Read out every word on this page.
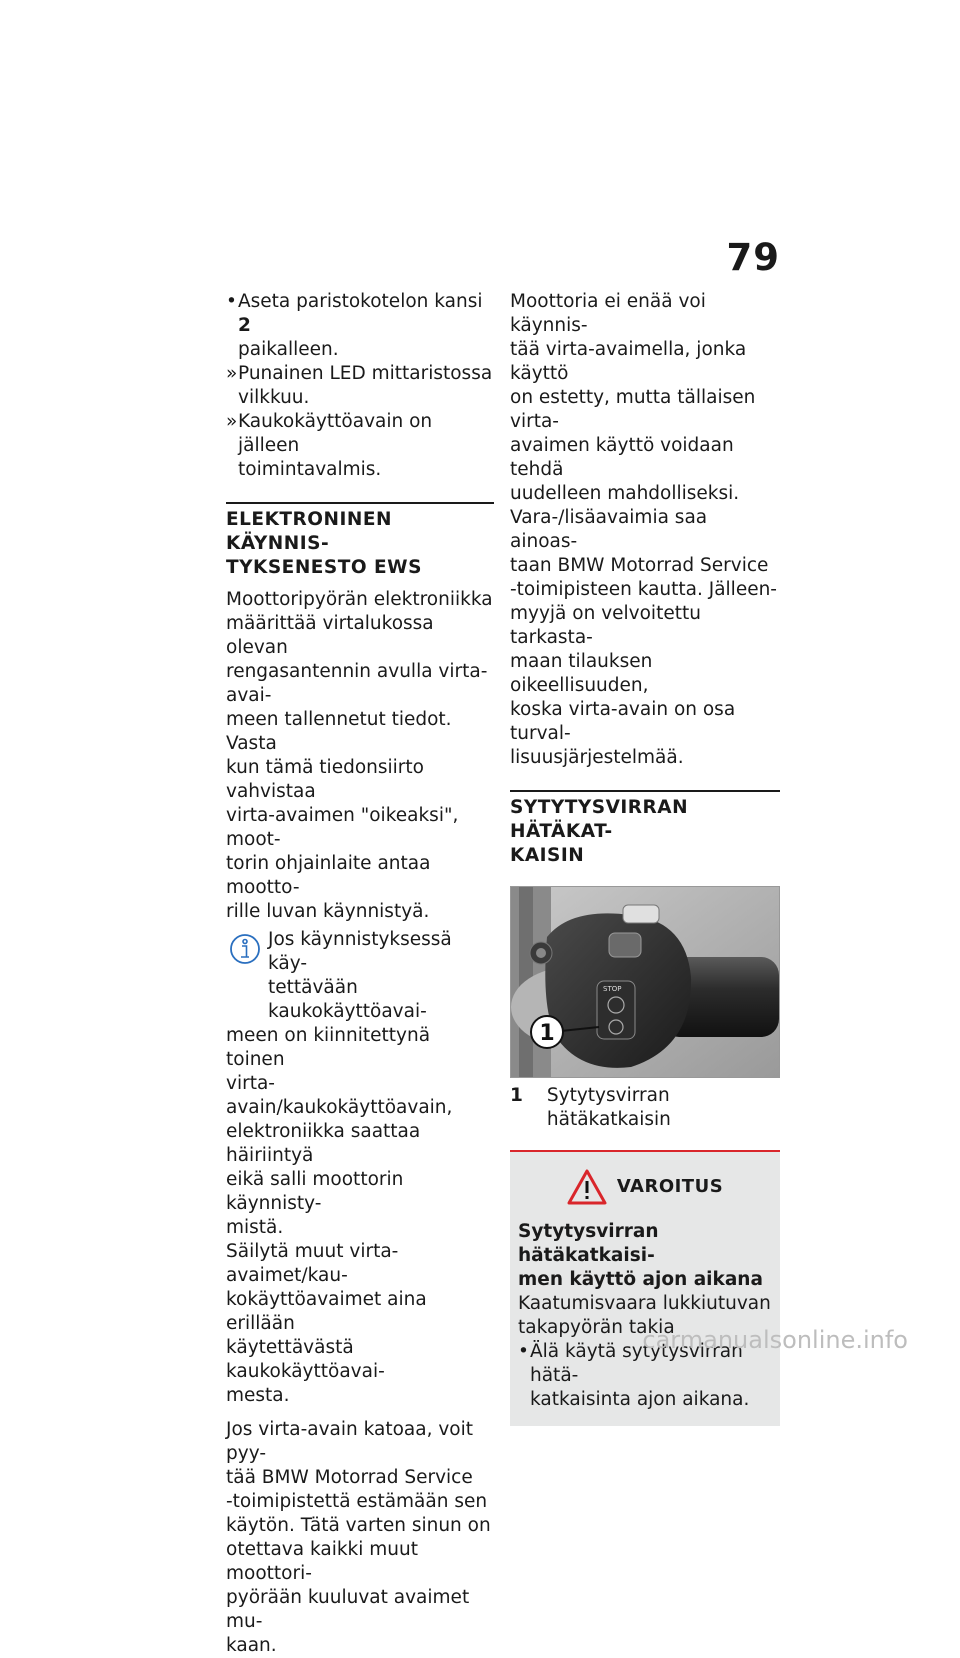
79
• Aseta paristokotelon kansi 2
paikalleen.
» Punainen LED mittaristossa
vilkkuu.
» Kaukokäyttöavain on jälleen
toimintavalmis.
ELEKTRONINEN KÄYNNIS-
TYKSENESTO EWS

Moottoripyörän elektroniikka
määrittää virtalukossa olevan
rengasantennin avulla virta-avai-
meen tallennetut tiedot. Vasta
kun tämä tiedonsiirto vahvistaa
virta-avaimen "oikeaksi", moot-
torin ohjainlaite antaa mootto-
rille luvan käynnistyä.

Jos käynnistyksessä käy-
tettävään kaukokäyttöavai-
meen on kiinnitettynä toinen
virta-avain/kaukokäyttöavain,
elektroniikka saattaa häiriintyä
eikä salli moottorin käynnisty-
mistä.

Säilytä muut virta-avaimet/kau-
kokäyttöavaimet aina erillään
käytettävästä kaukokäyttöavai-
mesta.

Jos virta-avain katoaa, voit pyy-
tää BMW Motorrad Service
-toimipistettä estämään sen
käytön. Tätä varten sinun on
otettava kaikki muut moottori-
pyörään kuuluvat avaimet mu-
kaan.

Moottoria ei enää voi käynnis-
tää virta-avaimella, jonka käyttö
on estetty, mutta tällaisen virta-
avaimen käyttö voidaan tehdä
uudelleen mahdolliseksi.

Vara-/lisäavaimia saa ainoas-
taan BMW Motorrad Service
-toimipisteen kautta. Jälleen-
myyjä on velvoitettu tarkasta-
maan tilauksen oikeellisuuden,
koska virta-avain on osa turval-
lisuusjärjestelmää.

SYTYTYSVIRRAN HÄTÄKAT-
KAISIN
STOP
1
1	Sytytysvirran hätäkatkaisin
VAROITUS
Sytytysvirran hätäkatkaisi-
men käyttö ajon aikana
Kaatumisvaara lukkiutuvan
takapyörän takia
• Älä käytä sytytysvirran hätä-
katkaisinta ajon aikana.
carmanualsonline.info
